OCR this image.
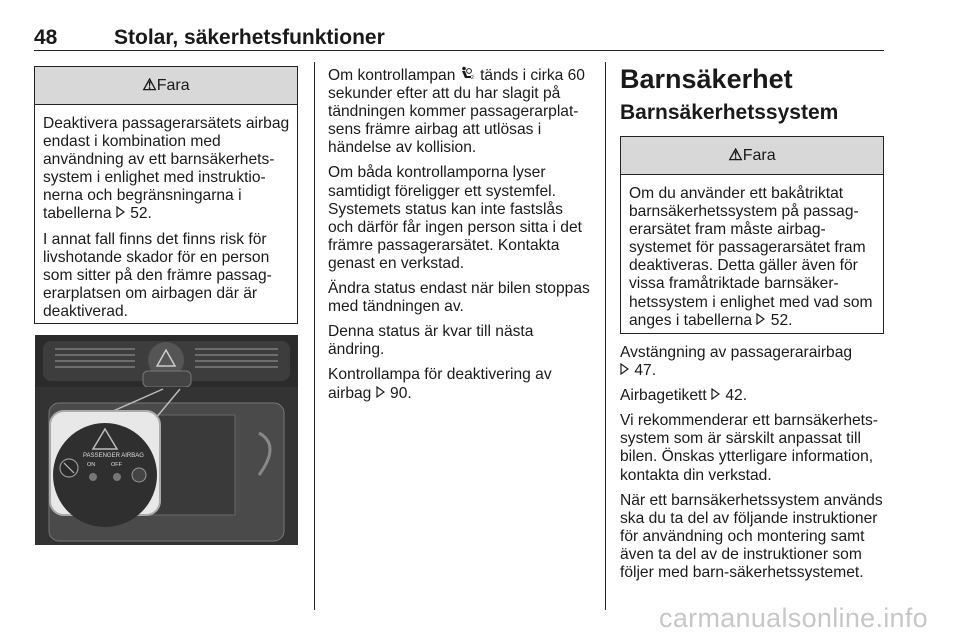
48	Stolar, säkerhetsfunktioner
⚠Fara

Deaktivera passagerarsätets airbag endast i kombination med användning av ett barnsäkerhets-system i enlighet med instruktio-nerna och begränsningarna i tabellerna 52.

I annat fall finns det finns risk för livshotande skador för en person som sitter på den främre passag-erarplatsen om airbagen där är deaktiverad.

PASSENGER AIRBAG
ON	OFF

Om kontrollampan	2 tänds i cirka 60 sekunder efter att du har slagit på tändningen kommer passagerarplat-sens främre airbag att utlösas i händelse av kollision.

Om båda kontrollamporna lyser samtidigt föreligger ett systemfel. Systemets status kan inte fastslås och därför får ingen person sitta i det främre passagerarsätet. Kontakta genast en verkstad.

Ändra status endast när bilen stoppas med tändningen av.

Denna status är kvar till nästa ändring.

Kontrollampa för deaktivering av airbag 90.

Barnsäkerhet
Barnsäkerhetssystem
⚠Fara

Om du använder ett bakåtriktat barnsäkerhetssystem på passag-erarsätet fram måste airbag-systemet för passagerarsätet fram deaktiveras. Detta gäller även för vissa framåtriktade barnsäker-hetssystem i enlighet med vad som anges i tabellerna 52.

Avstängning av passagerarairbag
47.

Airbagetikett 42.

Vi rekommenderar ett barnsäkerhets-system som är särskilt anpassat till bilen. Önskas ytterligare information, kontakta din verkstad.

När ett barnsäkerhetssystem används ska du ta del av följande instruktioner för användning och montering samt även ta del av de instruktioner som följer med barn-säkerhetssystemet.

carmanualsonline.info
